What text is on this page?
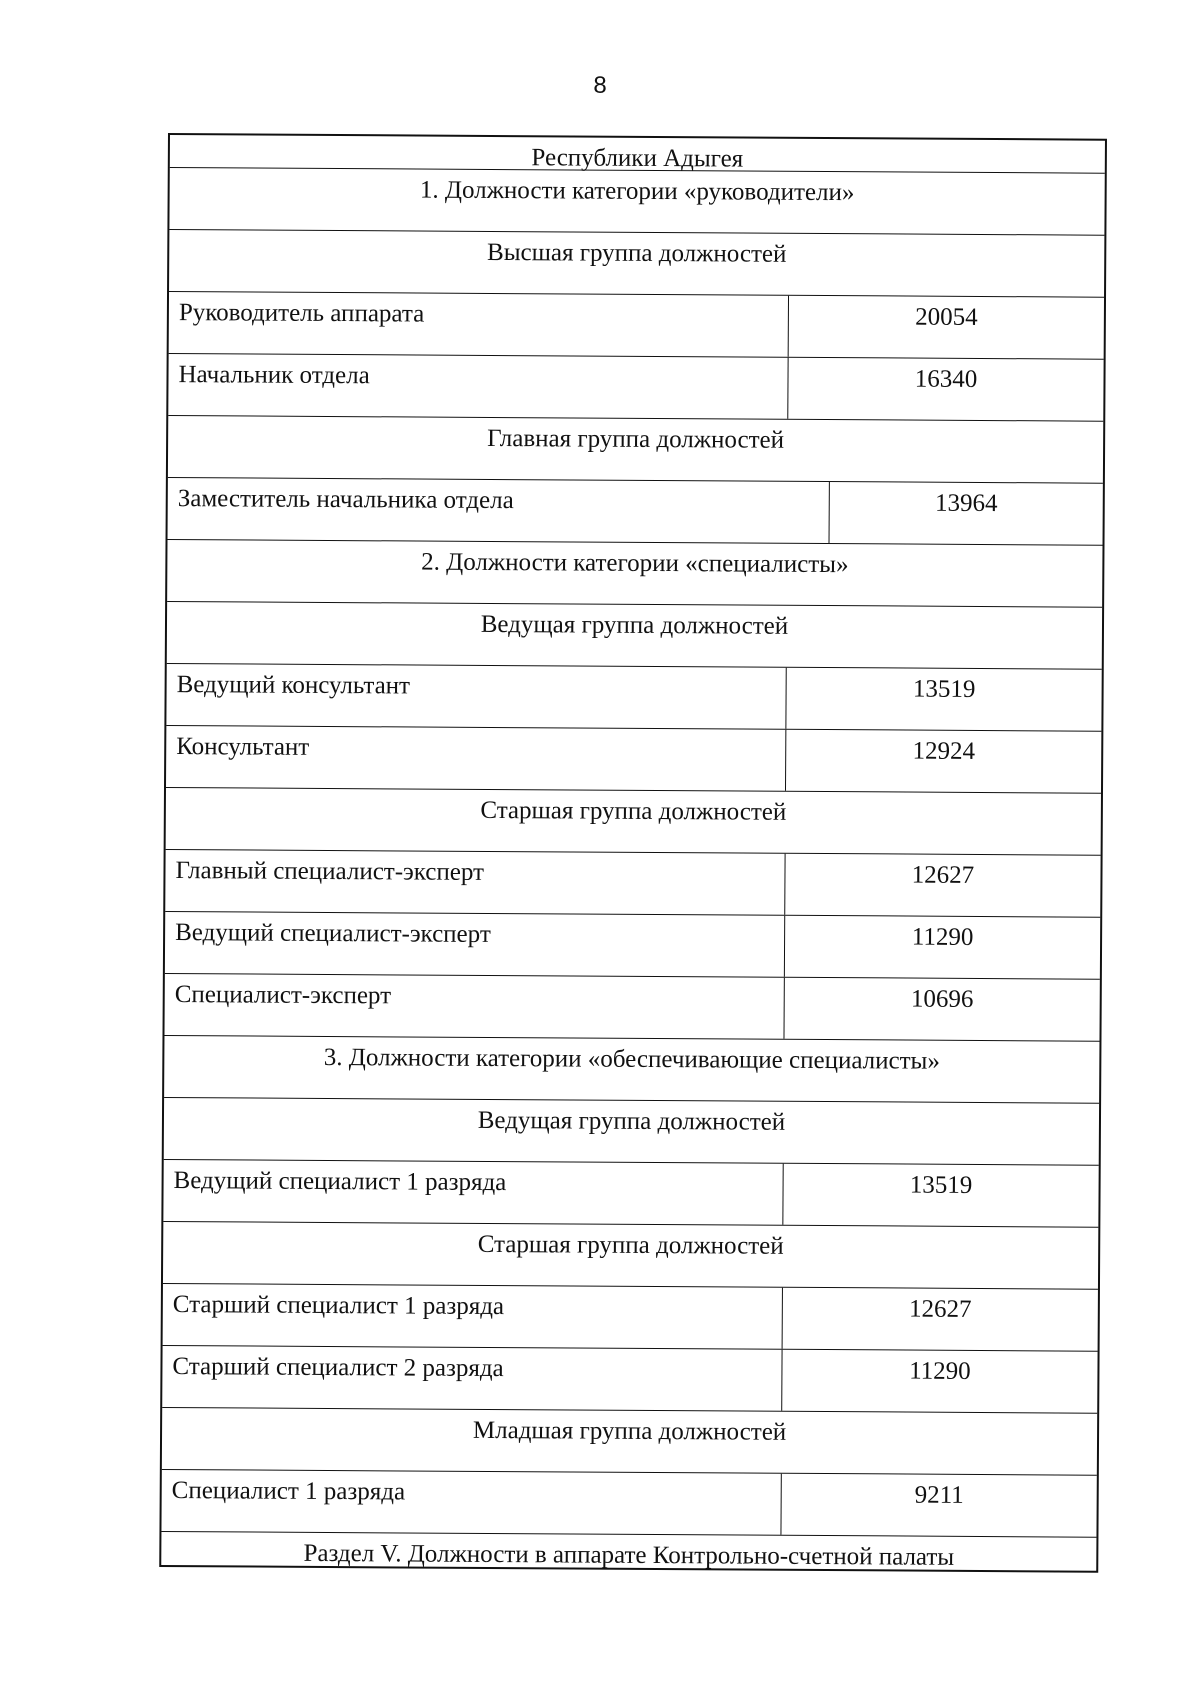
8
Республики Адыгея
1. Должности категории «руководители»
Высшая группа должностей
Руководитель аппарата	20054
Начальник отдела	16340
Главная группа должностей
Заместитель начальника отдела	13964
2. Должности категории «специалисты»
Ведущая группа должностей
Ведущий консультант	13519
Консультант	12924
Старшая группа должностей
Главный специалист-эксперт	12627
Ведущий специалист-эксперт	11290
Специалист-эксперт	10696
3. Должности категории «обеспечивающие специалисты»
Ведущая группа должностей
Ведущий специалист 1 разряда	13519
Старшая группа должностей
Старший специалист 1 разряда	12627
Старший специалист 2 разряда	11290
Младшая группа должностей
Специалист 1 разряда	9211
Раздел V. Должности в аппарате Контрольно-счетной палаты
